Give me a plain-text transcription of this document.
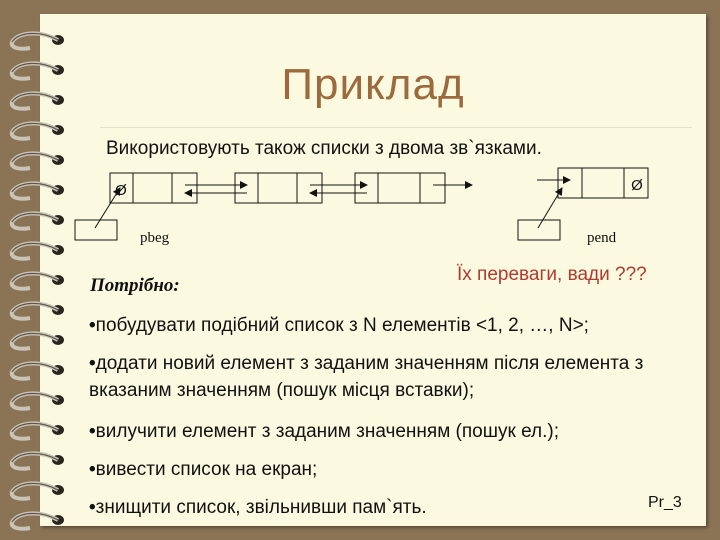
Приклад
Використовують також списки з двома зв`язками.
Ø	Ø
pbeg	pend
Потрібно:
Їх переваги, вади ???
•побудувати подібний список з N елементів <1, 2, …, N>;
•додати новий елемент з заданим значенням після елемента з вказаним значенням (пошук місця вставки);
•вилучити елемент з заданим значенням (пошук ел.);
•вивести список на екран;
•знищити список, звільнивши пам`ять.	Pr_3
